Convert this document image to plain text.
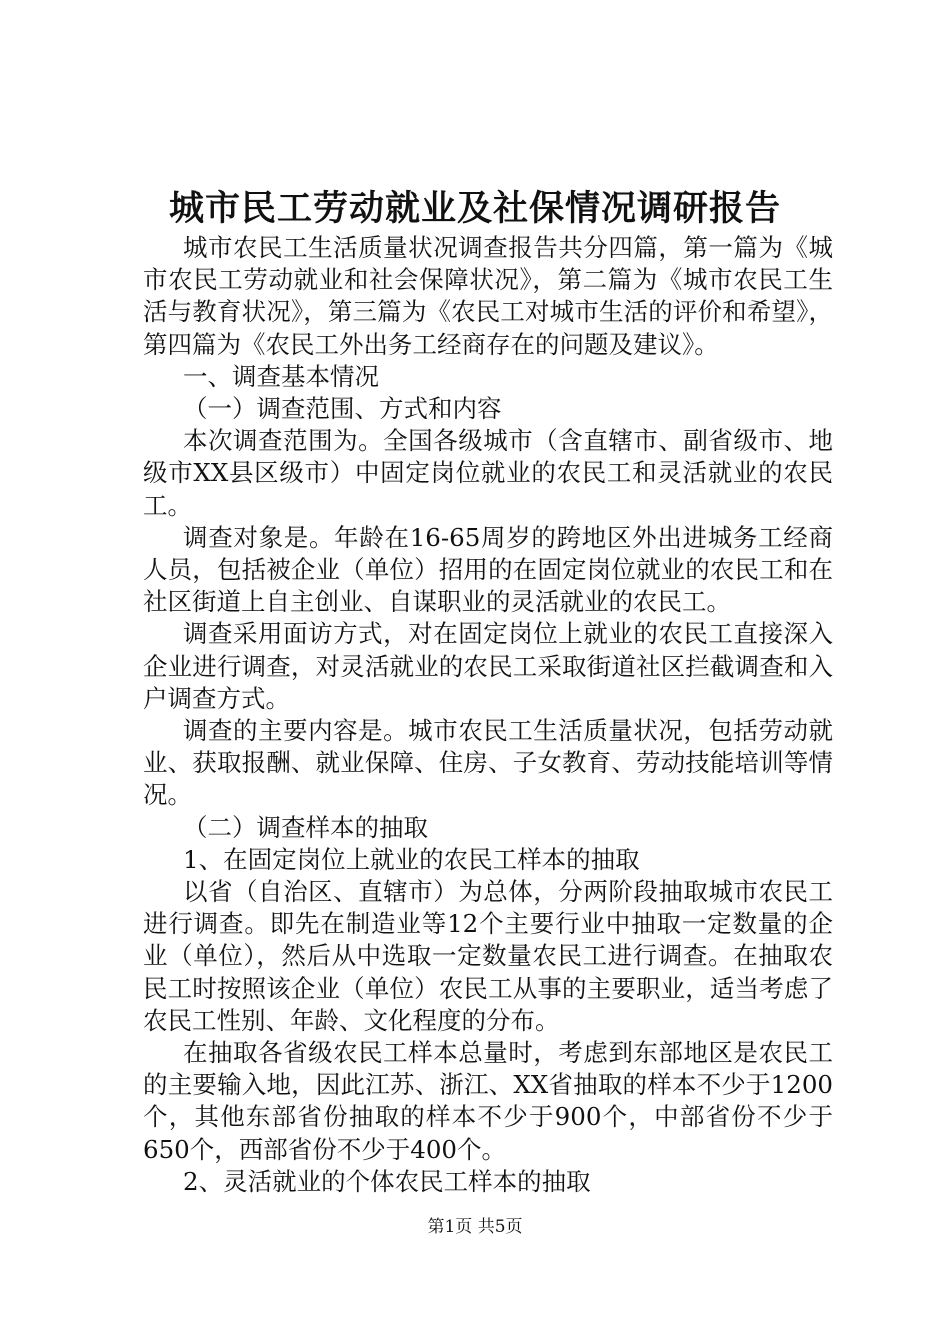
城市民工劳动就业及社保情况调研报告

城市农民工生活质量状况调查报告共分四篇，第一篇为《城市农民工劳动就业和社会保障状况》，第二篇为《城市农民工生活与教育状况》，第三篇为《农民工对城市生活的评价和希望》，第四篇为《农民工外出务工经商存在的问题及建议》。

一、调查基本情况

（一）调查范围、方式和内容

本次调查范围为。全国各级城市（含直辖市、副省级市、地级市XX县区级市）中固定岗位就业的农民工和灵活就业的农民工。

调查对象是。年龄在16-65周岁的跨地区外出进城务工经商人员，包括被企业（单位）招用的在固定岗位就业的农民工和在社区街道上自主创业、自谋职业的灵活就业的农民工。

调查采用面访方式，对在固定岗位上就业的农民工直接深入企业进行调查，对灵活就业的农民工采取街道社区拦截调查和入户调查方式。

调查的主要内容是。城市农民工生活质量状况，包括劳动就业、获取报酬、就业保障、住房、子女教育、劳动技能培训等情况。

（二）调查样本的抽取

1、在固定岗位上就业的农民工样本的抽取

以省（自治区、直辖市）为总体，分两阶段抽取城市农民工进行调查。即先在制造业等12个主要行业中抽取一定数量的企业（单位），然后从中选取一定数量农民工进行调查。在抽取农民工时按照该企业（单位）农民工从事的主要职业，适当考虑了农民工性别、年龄、文化程度的分布。

在抽取各省级农民工样本总量时，考虑到东部地区是农民工的主要输入地，因此江苏、浙江、XX省抽取的样本不少于1200个，其他东部省份抽取的样本不少于900个，中部省份不少于650个，西部省份不少于400个。

2、灵活就业的个体农民工样本的抽取

第1页 共5页
